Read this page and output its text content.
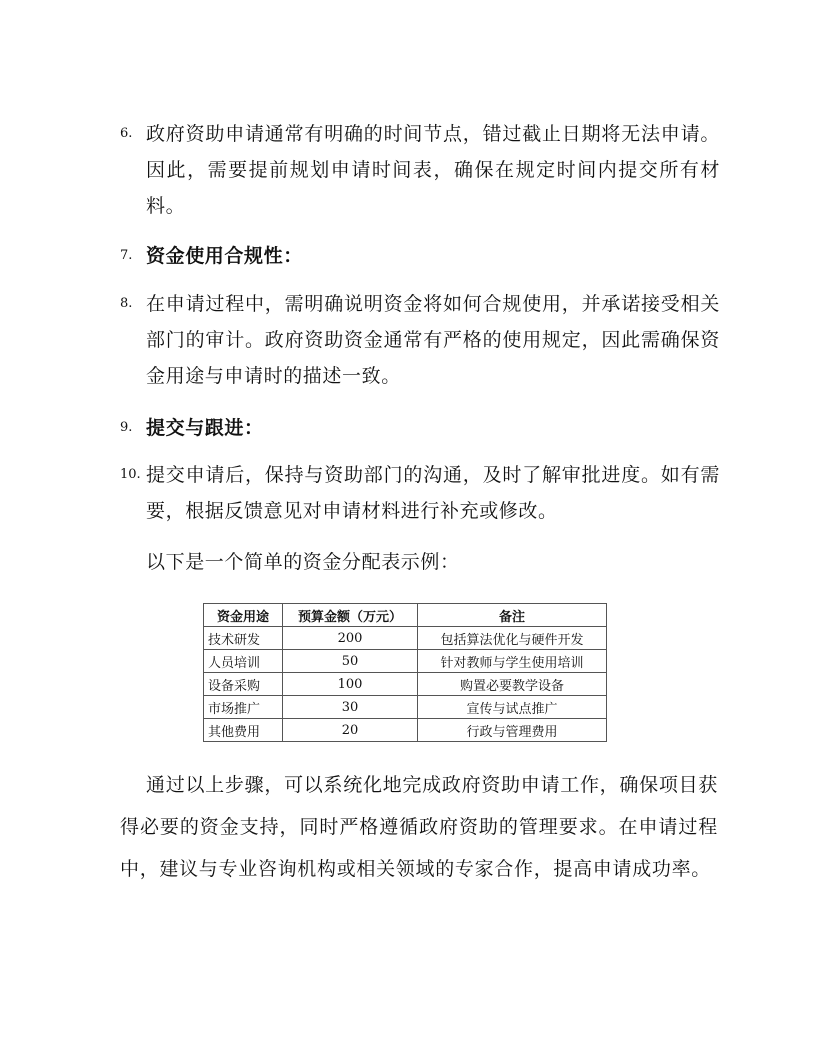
6. 政府资助申请通常有明确的时间节点，错过截止日期将无法申请。因此，需要提前规划申请时间表，确保在规定时间内提交所有材料。
7. 资金使用合规性：
8. 在申请过程中，需明确说明资金将如何合规使用，并承诺接受相关部门的审计。政府资助资金通常有严格的使用规定，因此需确保资金用途与申请时的描述一致。
9. 提交与跟进：
10. 提交申请后，保持与资助部门的沟通，及时了解审批进度。如有需要，根据反馈意见对申请材料进行补充或修改。
以下是一个简单的资金分配表示例：
资金用途	预算金额（万元）	备注
技术研发	200	包括算法优化与硬件开发
人员培训	50	针对教师与学生使用培训
设备采购	100	购置必要教学设备
市场推广	30	宣传与试点推广
其他费用	20	行政与管理费用
通过以上步骤，可以系统化地完成政府资助申请工作，确保项目获得必要的资金支持，同时严格遵循政府资助的管理要求。在申请过程中，建议与专业咨询机构或相关领域的专家合作，提高申请成功率。
